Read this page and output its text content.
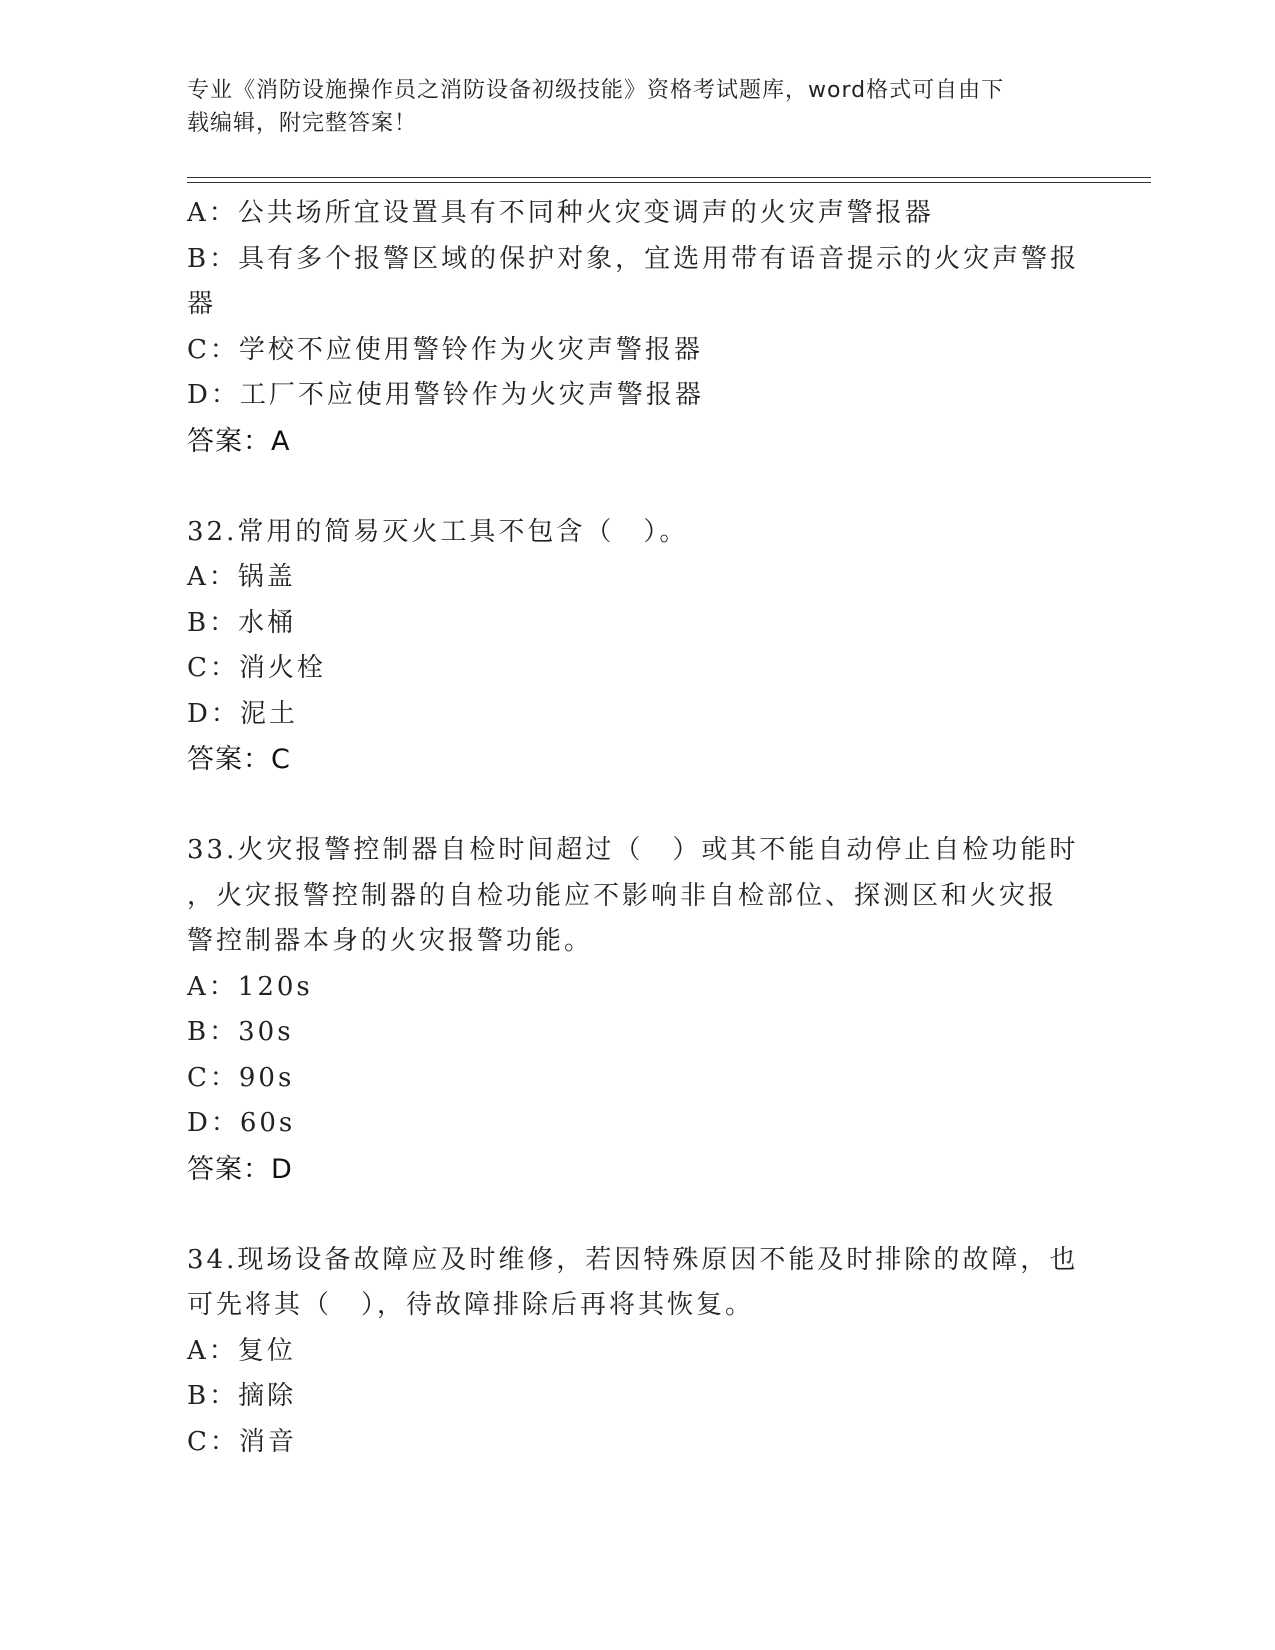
专业《消防设施操作员之消防设备初级技能》资格考试题库，word格式可自由下
载编辑，附完整答案！
A：公共场所宜设置具有不同种火灾变调声的火灾声警报器
B：具有多个报警区域的保护对象，宜选用带有语音提示的火灾声警报
器
C：学校不应使用警铃作为火灾声警报器
D：工厂不应使用警铃作为火灾声警报器
答案：A
32.常用的简易灭火工具不包含（　）。
A：锅盖
B：水桶
C：消火栓
D：泥土
答案：C
33.火灾报警控制器自检时间超过（　）或其不能自动停止自检功能时
，火灾报警控制器的自检功能应不影响非自检部位、探测区和火灾报
警控制器本身的火灾报警功能。
A：120s
B：30s
C：90s
D：60s
答案：D
34.现场设备故障应及时维修，若因特殊原因不能及时排除的故障，也
可先将其（　），待故障排除后再将其恢复。
A：复位
B：摘除
C：消音
